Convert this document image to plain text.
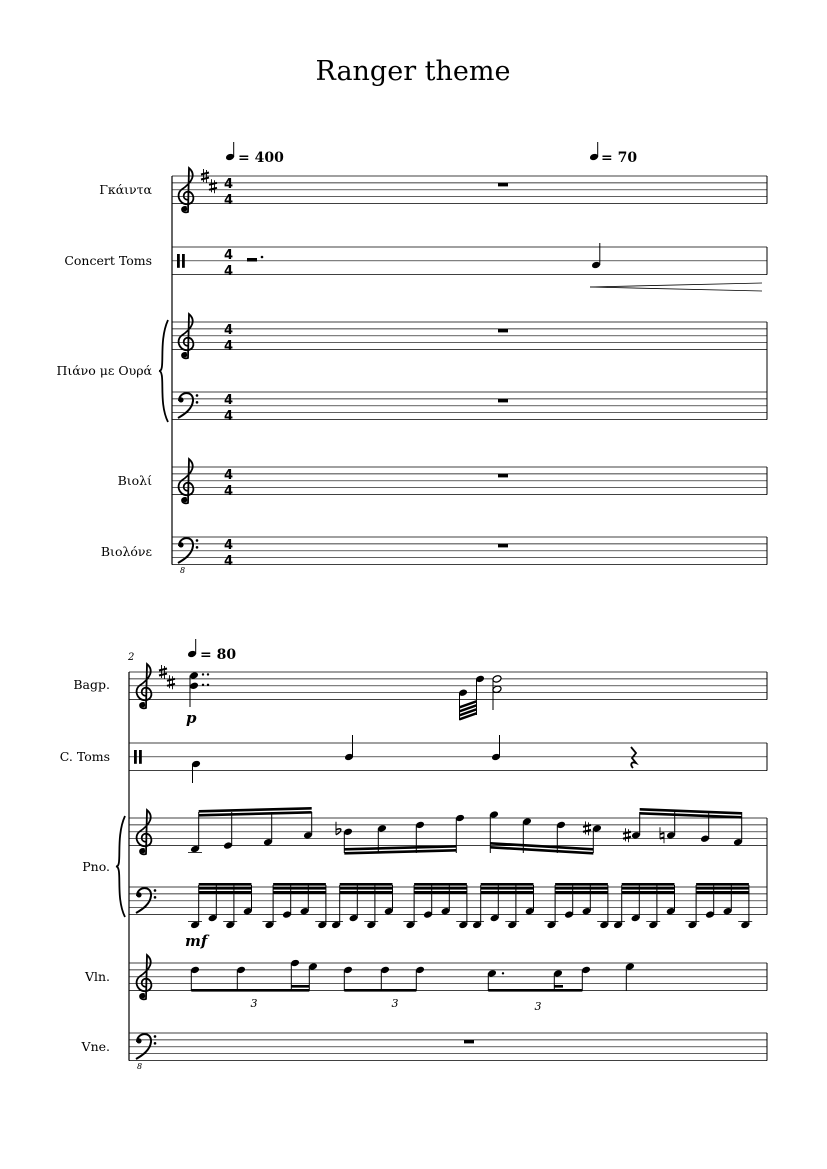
Ranger theme
Γκάιντα
Concert Toms
Πιάνο με Ουρά
Βιολί
Βιολόνε
= 400	= 70
2	= 80
Bagp.
C. Toms
Pno.
Vln.
Vne.
p
mf
3	3	3
8
4
4
4
4
4
4
4
4
4
4
4
4
8
